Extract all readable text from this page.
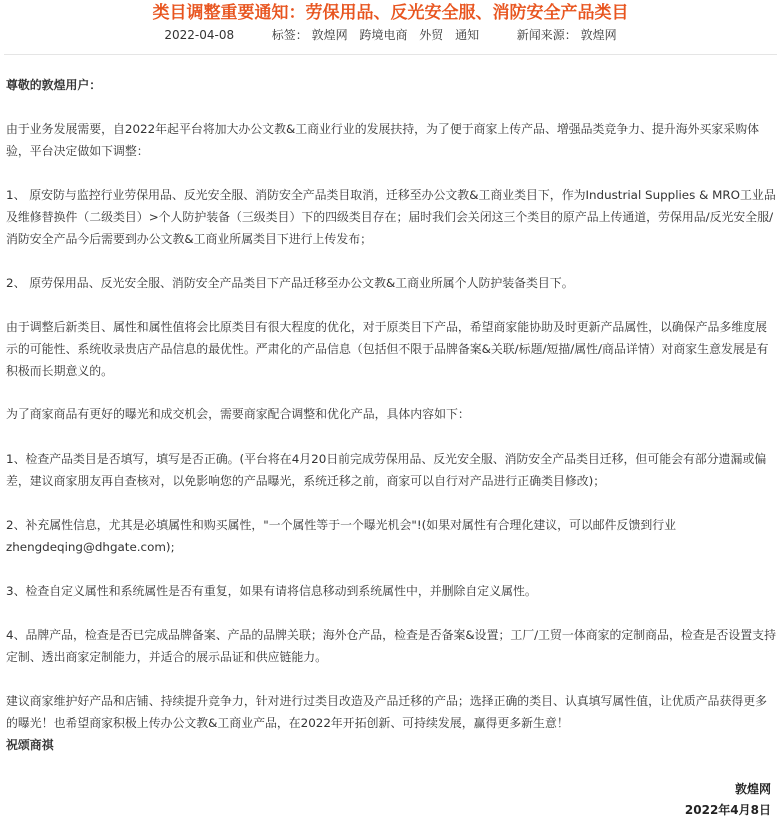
类目调整重要通知：劳保用品、反光安全服、消防安全产品类目
2022-04-08	标签： 敦煌网 跨境电商 外贸 通知	新闻来源： 敦煌网

尊敬的敦煌用户：

由于业务发展需要，自2022年起平台将加大办公文教&工商业行业的发展扶持，为了便于商家上传产品、增强品类竞争力、提升海外买家采购体验，平台决定做如下调整：

1、 原安防与监控行业劳保用品、反光安全服、消防安全产品类目取消，迁移至办公文教&工商业类目下，作为Industrial Supplies & MRO工业品及维修替换件（二级类目）>个人防护装备（三级类目）下的四级类目存在；届时我们会关闭这三个类目的原产品上传通道，劳保用品/反光安全服/消防安全产品今后需要到办公文教&工商业所属类目下进行上传发布；

2、 原劳保用品、反光安全服、消防安全产品类目下产品迁移至办公文教&工商业所属个人防护装备类目下。

由于调整后新类目、属性和属性值将会比原类目有很大程度的优化，对于原类目下产品，希望商家能协助及时更新产品属性，以确保产品多维度展示的可能性、系统收录贵店产品信息的最优性。严肃化的产品信息（包括但不限于品牌备案&关联/标题/短描/属性/商品详情）对商家生意发展是有积极而长期意义的。

为了商家商品有更好的曝光和成交机会，需要商家配合调整和优化产品，具体内容如下：

1、检查产品类目是否填写，填写是否正确。(平台将在4月20日前完成劳保用品、反光安全服、消防安全产品类目迁移，但可能会有部分遗漏或偏差，建议商家朋友再自查核对，以免影响您的产品曝光，系统迁移之前，商家可以自行对产品进行正确类目修改)；

2、补充属性信息，尤其是必填属性和购买属性，"一个属性等于一个曝光机会"!(如果对属性有合理化建议，可以邮件反馈到行业zhengdeqing@dhgate.com);

3、检查自定义属性和系统属性是否有重复，如果有请将信息移动到系统属性中，并删除自定义属性。

4、品牌产品，检查是否已完成品牌备案、产品的品牌关联；海外仓产品，检查是否备案&设置；工厂/工贸一体商家的定制商品，检查是否设置支持定制、透出商家定制能力，并适合的展示品证和供应链能力。

建议商家维护好产品和店铺、持续提升竞争力，针对进行过类目改造及产品迁移的产品；选择正确的类目、认真填写属性值，让优质产品获得更多的曝光！也希望商家积极上传办公文教&工商业产品，在2022年开拓创新、可持续发展，赢得更多新生意！

祝颂商祺

敦煌网

2022年4月8日
